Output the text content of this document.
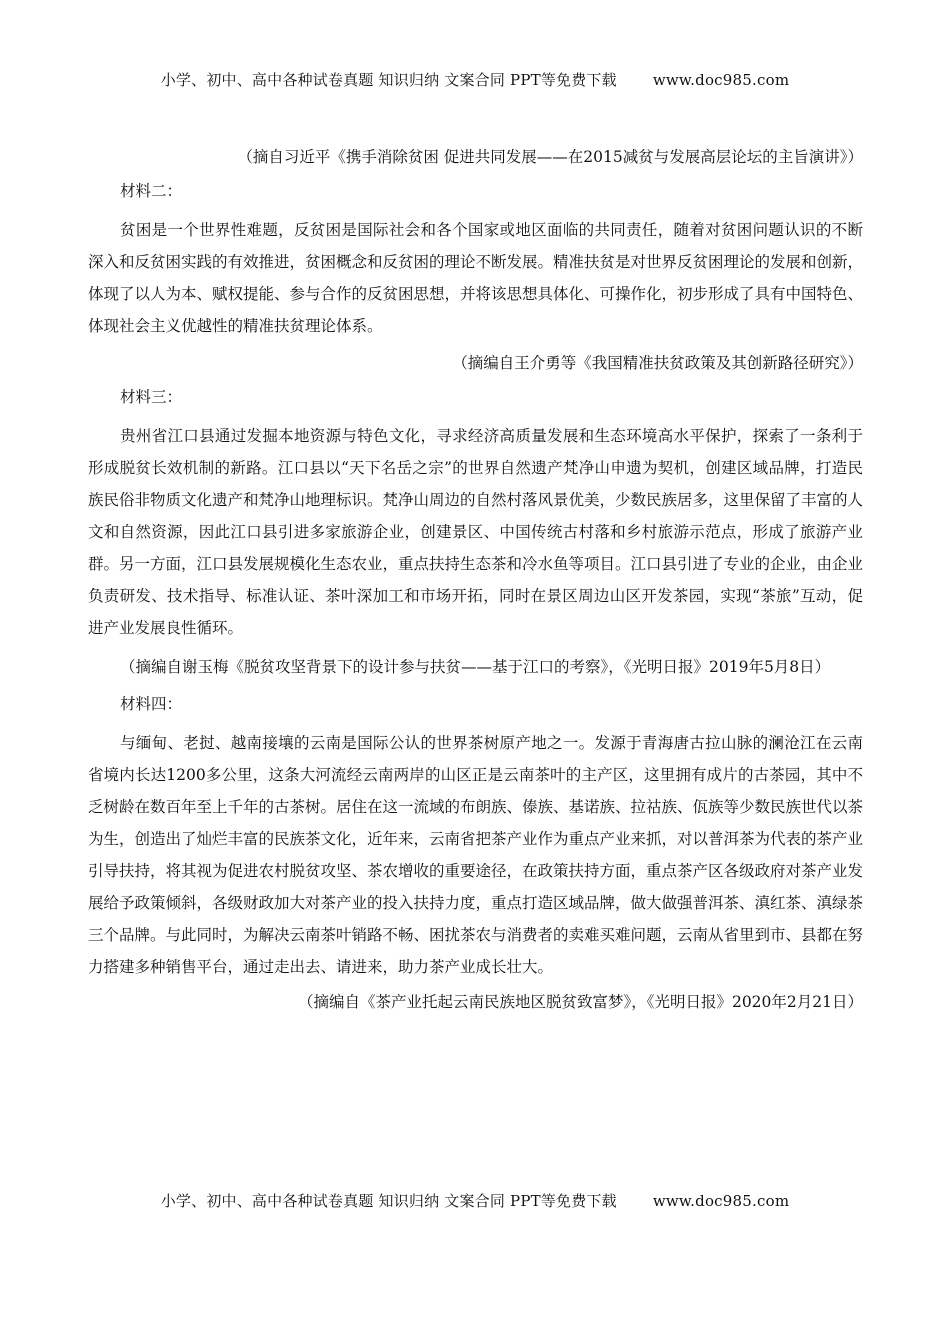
小学、初中、高中各种试卷真题 知识归纳 文案合同 PPT等免费下载 www.doc985.com

（摘自习近平《携手消除贫困 促进共同发展——在2015减贫与发展高层论坛的主旨演讲》）

材料二：

贫困是一个世界性难题，反贫困是国际社会和各个国家或地区面临的共同责任，随着对贫困问题认识的不断深入和反贫困实践的有效推进，贫困概念和反贫困的理论不断发展。精准扶贫是对世界反贫困理论的发展和创新，体现了以人为本、赋权提能、参与合作的反贫困思想，并将该思想具体化、可操作化，初步形成了具有中国特色、体现社会主义优越性的精准扶贫理论体系。

（摘编自王介勇等《我国精准扶贫政策及其创新路径研究》）

材料三：

贵州省江口县通过发掘本地资源与特色文化，寻求经济高质量发展和生态环境高水平保护，探索了一条利于形成脱贫长效机制的新路。江口县以“天下名岳之宗”的世界自然遗产梵净山申遗为契机，创建区域品牌，打造民族民俗非物质文化遗产和梵净山地理标识。梵净山周边的自然村落风景优美，少数民族居多，这里保留了丰富的人文和自然资源，因此江口县引进多家旅游企业，创建景区、中国传统古村落和乡村旅游示范点，形成了旅游产业群。另一方面，江口县发展规模化生态农业，重点扶持生态茶和冷水鱼等项目。江口县引进了专业的企业，由企业负责研发、技术指导、标准认证、茶叶深加工和市场开拓，同时在景区周边山区开发茶园，实现“茶旅”互动，促进产业发展良性循环。

（摘编自谢玉梅《脱贫攻坚背景下的设计参与扶贫——基于江口的考察》，《光明日报》2019年5月8日）

材料四：

与缅甸、老挝、越南接壤的云南是国际公认的世界茶树原产地之一。发源于青海唐古拉山脉的澜沧江在云南省境内长达1200多公里，这条大河流经云南两岸的山区正是云南茶叶的主产区，这里拥有成片的古茶园，其中不乏树龄在数百年至上千年的古茶树。居住在这一流域的布朗族、傣族、基诺族、拉祜族、佤族等少数民族世代以茶为生，创造出了灿烂丰富的民族茶文化，近年来，云南省把茶产业作为重点产业来抓，对以普洱茶为代表的茶产业引导扶持，将其视为促进农村脱贫攻坚、茶农增收的重要途径，在政策扶持方面，重点茶产区各级政府对茶产业发展给予政策倾斜，各级财政加大对茶产业的投入扶持力度，重点打造区域品牌，做大做强普洱茶、滇红茶、滇绿茶三个品牌。与此同时，为解决云南茶叶销路不畅、困扰茶农与消费者的卖难买难问题，云南从省里到市、县都在努力搭建多种销售平台，通过走出去、请进来，助力茶产业成长壮大。

（摘编自《茶产业托起云南民族地区脱贫致富梦》，《光明日报》2020年2月21日）

小学、初中、高中各种试卷真题 知识归纳 文案合同 PPT等免费下载 www.doc985.com
